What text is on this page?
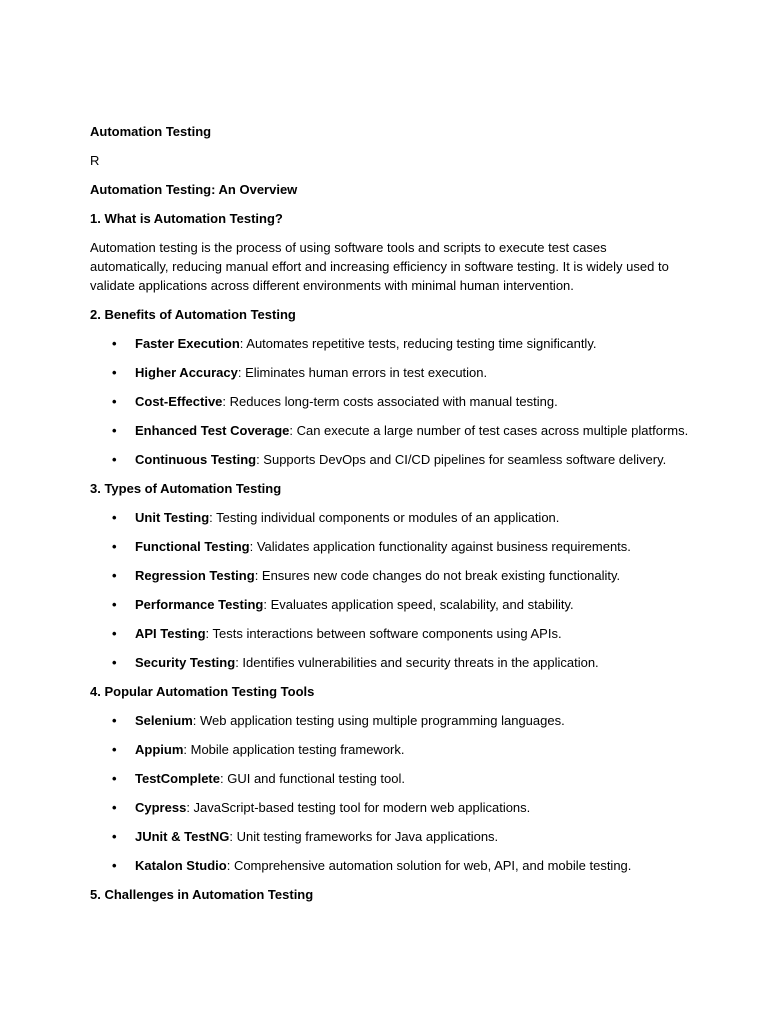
Automation Testing

R

Automation Testing: An Overview

1. What is Automation Testing?

Automation testing is the process of using software tools and scripts to execute test cases automatically, reducing manual effort and increasing efficiency in software testing. It is widely used to validate applications across different environments with minimal human intervention.

2. Benefits of Automation Testing

• Faster Execution: Automates repetitive tests, reducing testing time significantly.
• Higher Accuracy: Eliminates human errors in test execution.
• Cost-Effective: Reduces long-term costs associated with manual testing.
• Enhanced Test Coverage: Can execute a large number of test cases across multiple platforms.
• Continuous Testing: Supports DevOps and CI/CD pipelines for seamless software delivery.

3. Types of Automation Testing

• Unit Testing: Testing individual components or modules of an application.
• Functional Testing: Validates application functionality against business requirements.
• Regression Testing: Ensures new code changes do not break existing functionality.
• Performance Testing: Evaluates application speed, scalability, and stability.
• API Testing: Tests interactions between software components using APIs.
• Security Testing: Identifies vulnerabilities and security threats in the application.

4. Popular Automation Testing Tools

• Selenium: Web application testing using multiple programming languages.
• Appium: Mobile application testing framework.
• TestComplete: GUI and functional testing tool.
• Cypress: JavaScript-based testing tool for modern web applications.
• JUnit & TestNG: Unit testing frameworks for Java applications.
• Katalon Studio: Comprehensive automation solution for web, API, and mobile testing.

5. Challenges in Automation Testing
